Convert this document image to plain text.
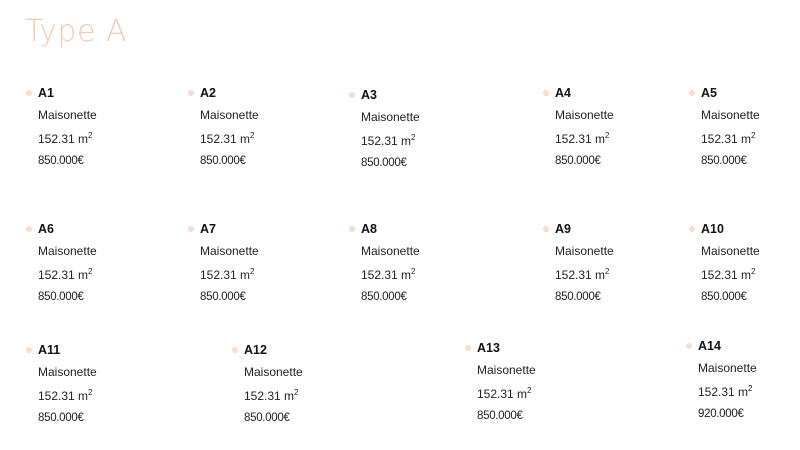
Type A
A1
Maisonette
152.31 $m^2$
850.000€
A2
Maisonette
152.31 $m^2$
850.000€
A3
Maisonette
152.31 $m^2$
850.000€
A4
Maisonette
152.31 $m^2$
850.000€
A5
Maisonette
152.31 $m^2$
850.000€
A6
Maisonette
152.31 $m^2$
850.000€
A7
Maisonette
152.31 $m^2$
850.000€
A8
Maisonette
152.31 $m^2$
850.000€
A9
Maisonette
152.31 $m^2$
850.000€
A10
Maisonette
152.31 $m^2$
850.000€
A11
Maisonette
152.31 $m^2$
850.000€
A12
Maisonette
152.31 $m^2$
850.000€
A13
Maisonette
152.31 $m^2$
850.000€
A14
Maisonette
152.31 $m^2$
920.000€
